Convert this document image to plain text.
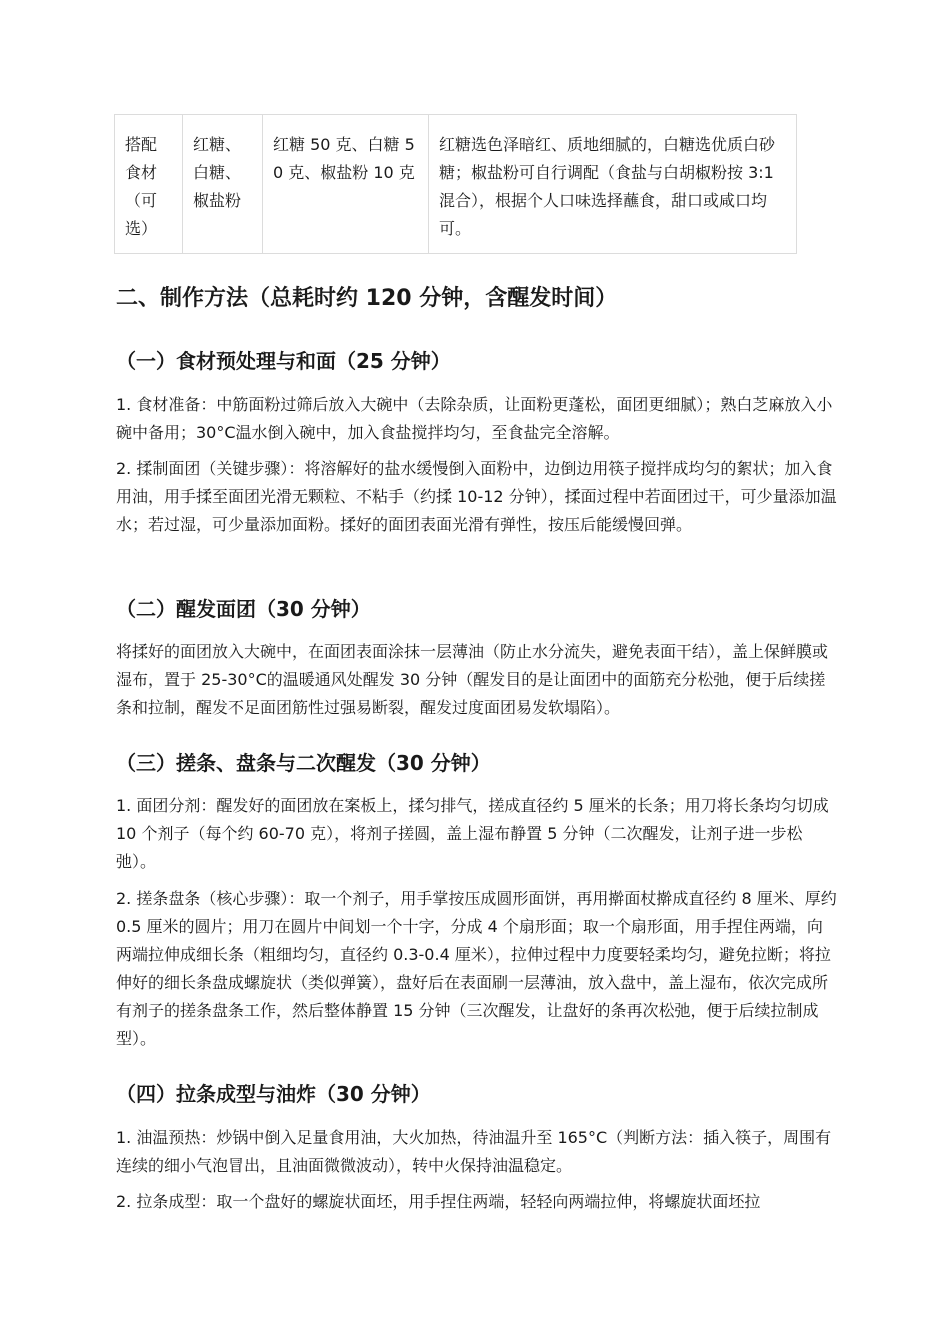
搭配食材（可选）	红糖、白糖、椒盐粉	红糖 50 克、白糖 50 克、椒盐粉 10 克	红糖选色泽暗红、质地细腻的，白糖选优质白砂糖；椒盐粉可自行调配（食盐与白胡椒粉按 3:1 混合），根据个人口味选择蘸食，甜口或咸口均可。
二、制作方法（总耗时约 120 分钟，含醒发时间）
（一）食材预处理与和面（25 分钟）

1. 食材准备：中筋面粉过筛后放入大碗中（去除杂质，让面粉更蓬松，面团更细腻）；熟白芝麻放入小碗中备用；30°C温水倒入碗中，加入食盐搅拌均匀，至食盐完全溶解。

2. 揉制面团（关键步骤）：将溶解好的盐水缓慢倒入面粉中，边倒边用筷子搅拌成均匀的絮状；加入食用油，用手揉至面团光滑无颗粒、不粘手（约揉 10-12 分钟），揉面过程中若面团过干，可少量添加温水；若过湿，可少量添加面粉。揉好的面团表面光滑有弹性，按压后能缓慢回弹。

（二）醒发面团（30 分钟）

将揉好的面团放入大碗中，在面团表面涂抹一层薄油（防止水分流失，避免表面干结），盖上保鲜膜或湿布，置于 25-30°C的温暖通风处醒发 30 分钟（醒发目的是让面团中的面筋充分松弛，便于后续搓条和拉制，醒发不足面团筋性过强易断裂，醒发过度面团易发软塌陷）。

（三）搓条、盘条与二次醒发（30 分钟）

1. 面团分剂：醒发好的面团放在案板上，揉匀排气，搓成直径约 5 厘米的长条；用刀将长条均匀切成 10 个剂子（每个约 60-70 克），将剂子搓圆，盖上湿布静置 5 分钟（二次醒发，让剂子进一步松弛）。

2. 搓条盘条（核心步骤）：取一个剂子，用手掌按压成圆形面饼，再用擀面杖擀成直径约 8 厘米、厚约 0.5 厘米的圆片；用刀在圆片中间划一个十字，分成 4 个扇形面；取一个扇形面，用手捏住两端，向两端拉伸成细长条（粗细均匀，直径约 0.3-0.4 厘米），拉伸过程中力度要轻柔均匀，避免拉断；将拉伸好的细长条盘成螺旋状（类似弹簧），盘好后在表面刷一层薄油，放入盘中，盖上湿布，依次完成所有剂子的搓条盘条工作，然后整体静置 15 分钟（三次醒发，让盘好的条再次松弛，便于后续拉制成型）。

（四）拉条成型与油炸（30 分钟）

1. 油温预热：炒锅中倒入足量食用油，大火加热，待油温升至 165°C（判断方法：插入筷子，周围有连续的细小气泡冒出，且油面微微波动），转中火保持油温稳定。

2. 拉条成型：取一个盘好的螺旋状面坯，用手捏住两端，轻轻向两端拉伸，将螺旋状面坯拉
